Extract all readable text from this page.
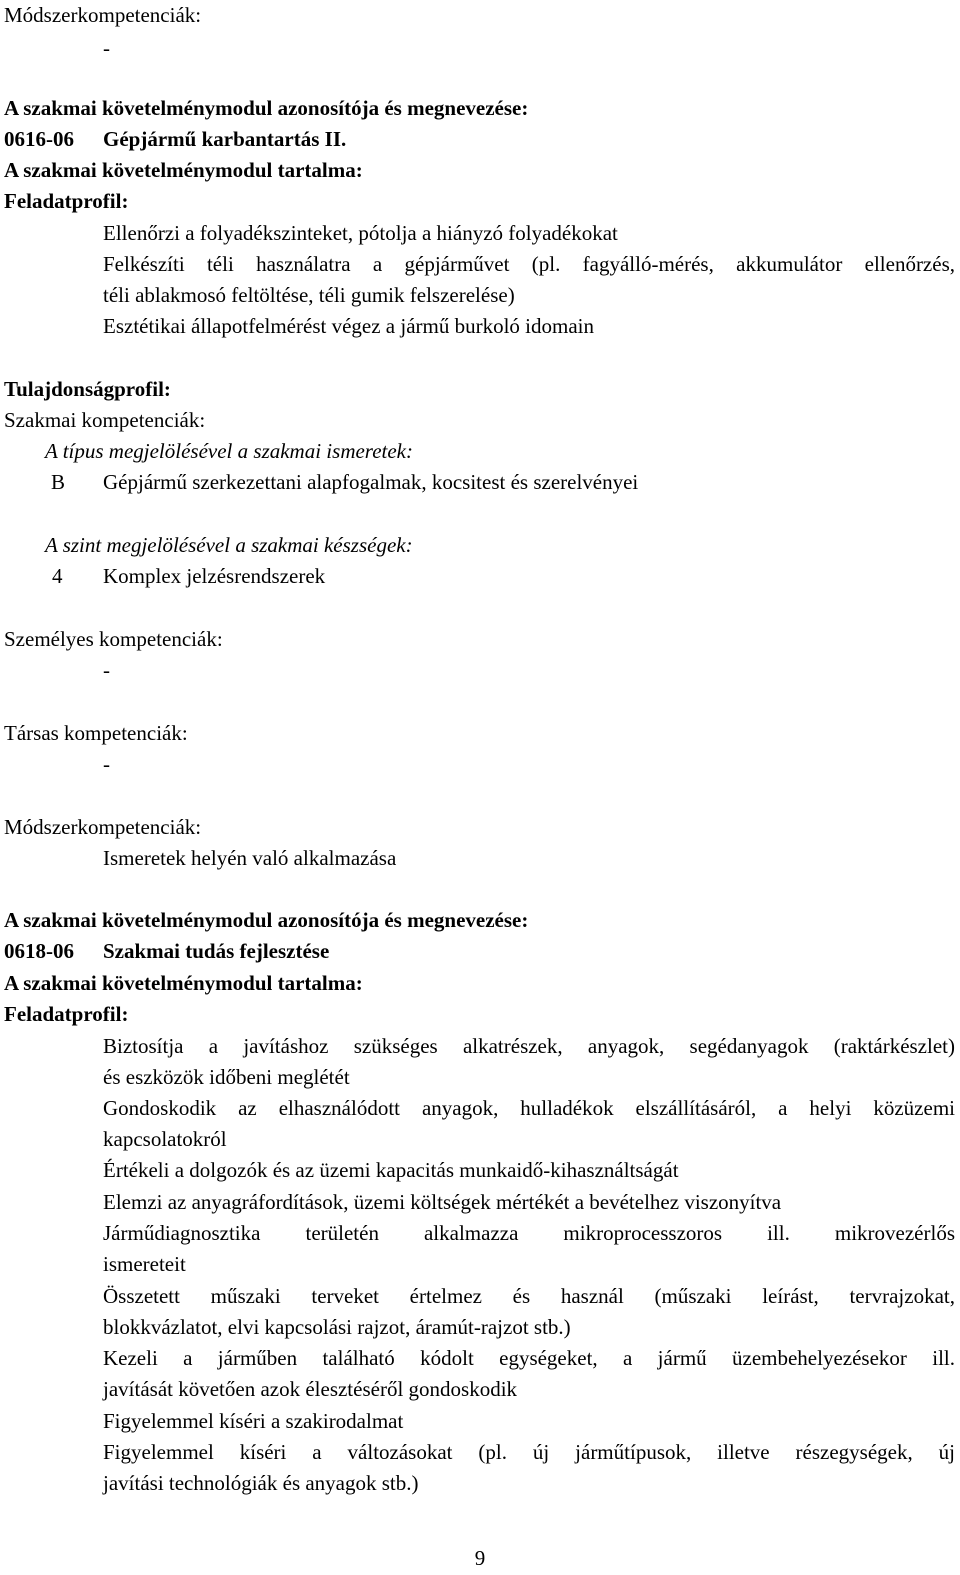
Módszerkompetenciák:
-
A szakmai követelménymodul azonosítója és megnevezése:
0616-06 Gépjármű karbantartás II.
A szakmai követelménymodul tartalma:
Feladatprofil:
Ellenőrzi a folyadékszinteket, pótolja a hiányzó folyadékokat
Felkészíti téli használatra a gépjárművet (pl. fagyálló-mérés, akkumulátor ellenőrzés,
téli ablakmosó feltöltése, téli gumik felszerelése)
Esztétikai állapotfelmérést végez a jármű burkoló idomain
Tulajdonságprofil:
Szakmai kompetenciák:
A típus megjelölésével a szakmai ismeretek:
B Gépjármű szerkezettani alapfogalmak, kocsitest és szerelvényei
A szint megjelölésével a szakmai készségek:
4 Komplex jelzésrendszerek
Személyes kompetenciák:
-
Társas kompetenciák:
-
Módszerkompetenciák:
Ismeretek helyén való alkalmazása
A szakmai követelménymodul azonosítója és megnevezése:
0618-06 Szakmai tudás fejlesztése
A szakmai követelménymodul tartalma:
Feladatprofil:
Biztosítja a javításhoz szükséges alkatrészek, anyagok, segédanyagok (raktárkészlet)
és eszközök időbeni meglétét
Gondoskodik az elhasználódott anyagok, hulladékok elszállításáról, a helyi közüzemi
kapcsolatokról
Értékeli a dolgozók és az üzemi kapacitás munkaidő-kihasználtságát
Elemzi az anyagráfordítások, üzemi költségek mértékét a bevételhez viszonyítva
Járműdiagnosztika területén alkalmazza mikroprocesszoros ill. mikrovezérlős
ismereteit
Összetett műszaki terveket értelmez és használ (műszaki leírást, tervrajzokat,
blokkvázlatot, elvi kapcsolási rajzot, áramút-rajzot stb.)
Kezeli a járműben található kódolt egységeket, a jármű üzembehelyezésekor ill.
javítását követően azok élesztéséről gondoskodik
Figyelemmel kíséri a szakirodalmat
Figyelemmel kíséri a változásokat (pl. új járműtípusok, illetve részegységek, új
javítási technológiák és anyagok stb.)
9
